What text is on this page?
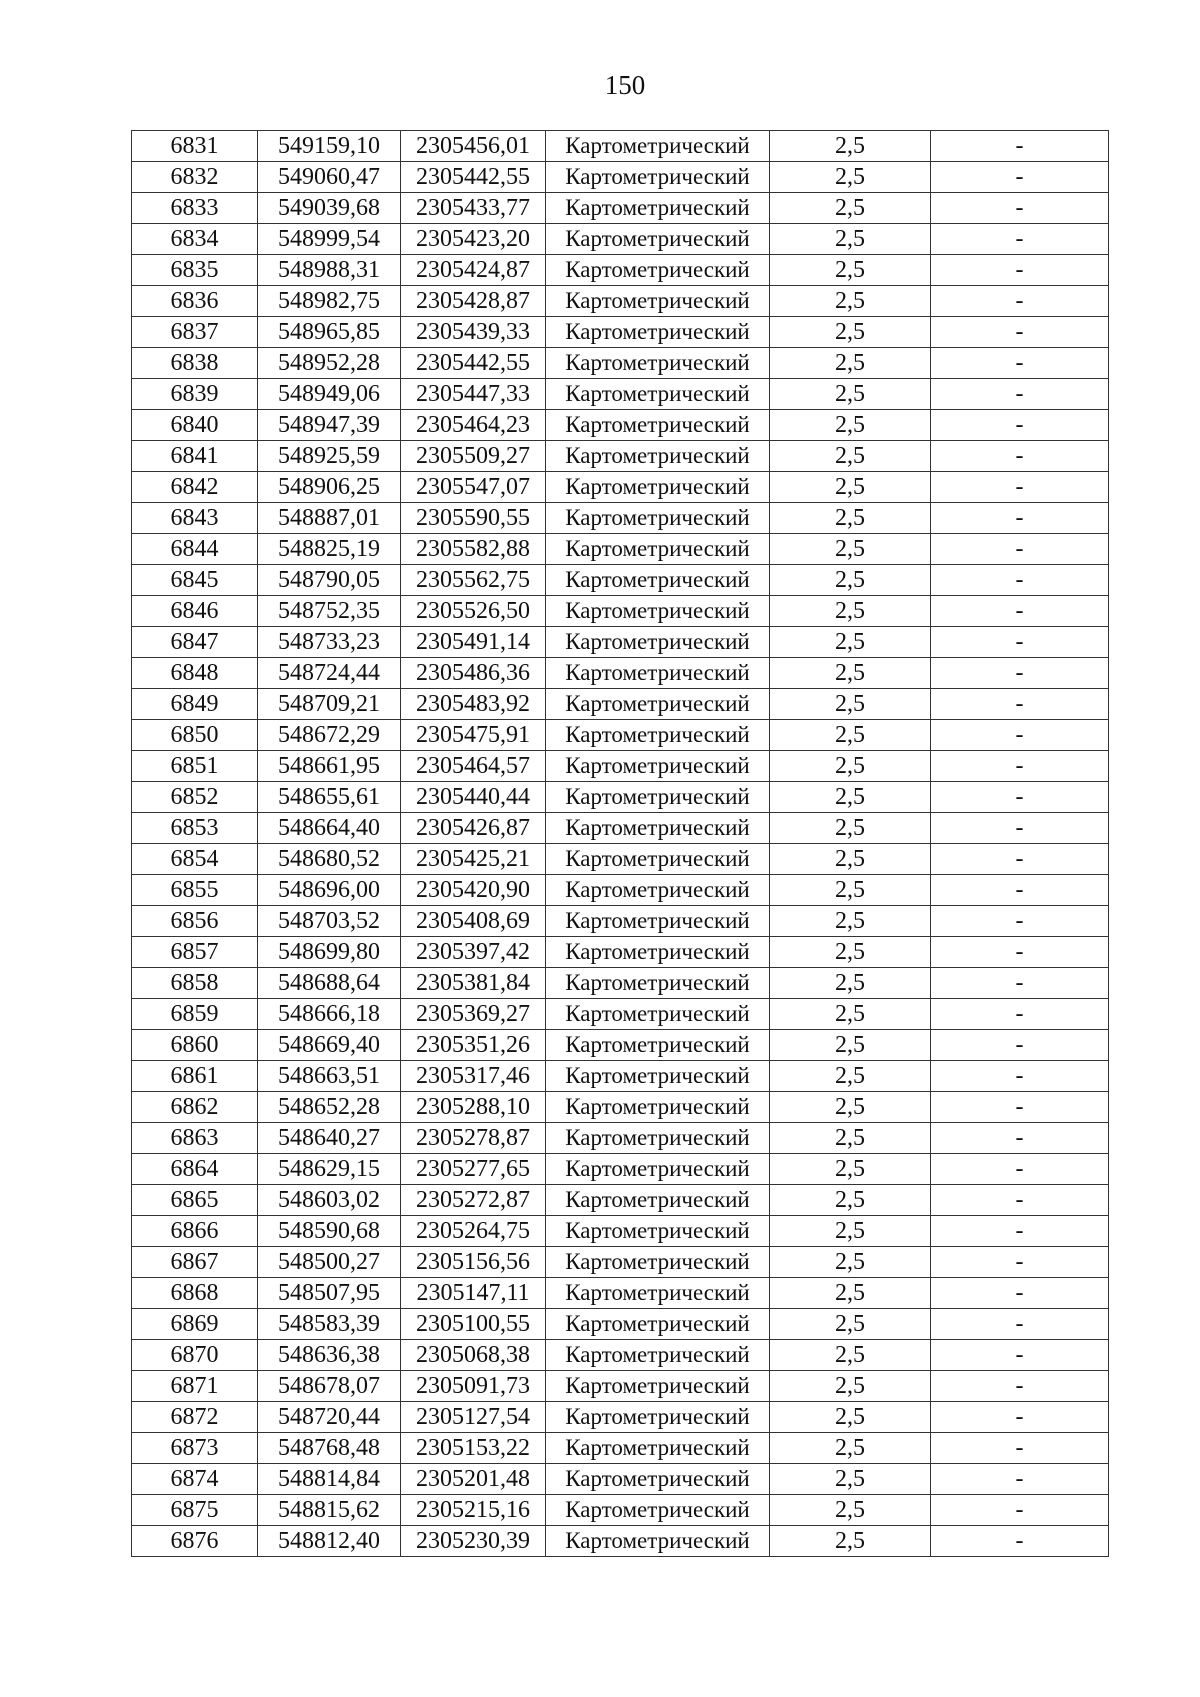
150
6831	549159,10	2305456,01	Картометрический	2,5	-
6832	549060,47	2305442,55	Картометрический	2,5	-
6833	549039,68	2305433,77	Картометрический	2,5	-
6834	548999,54	2305423,20	Картометрический	2,5	-
6835	548988,31	2305424,87	Картометрический	2,5	-
6836	548982,75	2305428,87	Картометрический	2,5	-
6837	548965,85	2305439,33	Картометрический	2,5	-
6838	548952,28	2305442,55	Картометрический	2,5	-
6839	548949,06	2305447,33	Картометрический	2,5	-
6840	548947,39	2305464,23	Картометрический	2,5	-
6841	548925,59	2305509,27	Картометрический	2,5	-
6842	548906,25	2305547,07	Картометрический	2,5	-
6843	548887,01	2305590,55	Картометрический	2,5	-
6844	548825,19	2305582,88	Картометрический	2,5	-
6845	548790,05	2305562,75	Картометрический	2,5	-
6846	548752,35	2305526,50	Картометрический	2,5	-
6847	548733,23	2305491,14	Картометрический	2,5	-
6848	548724,44	2305486,36	Картометрический	2,5	-
6849	548709,21	2305483,92	Картометрический	2,5	-
6850	548672,29	2305475,91	Картометрический	2,5	-
6851	548661,95	2305464,57	Картометрический	2,5	-
6852	548655,61	2305440,44	Картометрический	2,5	-
6853	548664,40	2305426,87	Картометрический	2,5	-
6854	548680,52	2305425,21	Картометрический	2,5	-
6855	548696,00	2305420,90	Картометрический	2,5	-
6856	548703,52	2305408,69	Картометрический	2,5	-
6857	548699,80	2305397,42	Картометрический	2,5	-
6858	548688,64	2305381,84	Картометрический	2,5	-
6859	548666,18	2305369,27	Картометрический	2,5	-
6860	548669,40	2305351,26	Картометрический	2,5	-
6861	548663,51	2305317,46	Картометрический	2,5	-
6862	548652,28	2305288,10	Картометрический	2,5	-
6863	548640,27	2305278,87	Картометрический	2,5	-
6864	548629,15	2305277,65	Картометрический	2,5	-
6865	548603,02	2305272,87	Картометрический	2,5	-
6866	548590,68	2305264,75	Картометрический	2,5	-
6867	548500,27	2305156,56	Картометрический	2,5	-
6868	548507,95	2305147,11	Картометрический	2,5	-
6869	548583,39	2305100,55	Картометрический	2,5	-
6870	548636,38	2305068,38	Картометрический	2,5	-
6871	548678,07	2305091,73	Картометрический	2,5	-
6872	548720,44	2305127,54	Картометрический	2,5	-
6873	548768,48	2305153,22	Картометрический	2,5	-
6874	548814,84	2305201,48	Картометрический	2,5	-
6875	548815,62	2305215,16	Картометрический	2,5	-
6876	548812,40	2305230,39	Картометрический	2,5	-
